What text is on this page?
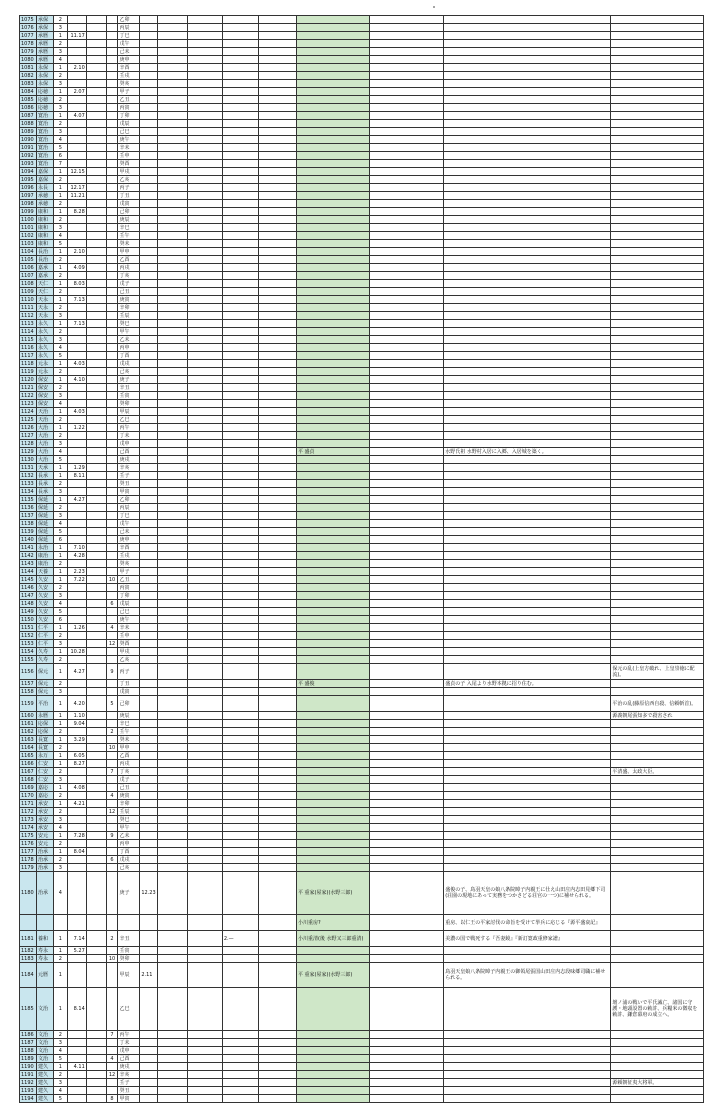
1075	承保	2				乙卯									
1076	承保	3				丙辰									
1077	承暦	1	11.17			丁巳									
1078	承暦	2				戊午									
1079	承暦	3				己未									
1080	承暦	4				庚申									
1081	永保	1	2.10			辛酉									
1082	永保	2				壬戌									
1083	永保	3				癸亥									
1084	応徳	1	2.07			甲子									
1085	応徳	2				乙丑									
1086	応徳	3				丙寅									
1087	寛治	1	4.07			丁卯									
1088	寛治	2				戊辰									
1089	寛治	3				己巳									
1090	寛治	4				庚午									
1091	寛治	5				辛未									
1092	寛治	6				壬申									
1093	寛治	7				癸酉									
1094	嘉保	1	12.15			甲戌									
1095	嘉保	2				乙亥									
1096	永長	1	12.17			丙子									
1097	承徳	1	11.21			丁丑									
1098	承徳	2				戊寅									
1099	康和	1	8.28			己卯									
1100	康和	2				庚辰									
1101	康和	3				辛巳									
1102	康和	4				壬午									
1103	康和	5				癸未									
1104	長治	1	2.10			甲申									
1105	長治	2				乙酉									
1106	嘉承	1	4.09			丙戌									
1107	嘉承	2				丁亥									
1108	天仁	1	8.03			戊子									
1109	天仁	2				己丑									
1110	天永	1	7.13			庚寅									
1111	天永	2				辛卯									
1112	天永	3				壬辰									
1113	永久	1	7.13			癸巳									
1114	永久	2				甲午									
1115	永久	3				乙未									
1116	永久	4				丙申									
1117	永久	5				丁酉									
1118	元永	1	4.03			戊戌									
1119	元永	2				己亥									
1120	保安	1	4.10			庚子									
1121	保安	2				辛丑									
1122	保安	3				壬寅									
1123	保安	4				癸卯									
1124	天治	1	4.03			甲辰									
1125	天治	2				乙巳									
1126	大治	1	1.22			丙午									
1127	大治	2				丁未									
1128	大治	3				戊申									
1129	大治	4				己酉						平 盛貞		水野氏祖 水野村入居に入郷、入居城を築く。	
1130	大治	5				庚戌									
1131	天承	1	1.29			辛亥									
1132	長承	1	8.11			壬子									
1133	長承	2				癸丑									
1134	長承	3				甲寅									
1135	保延	1	4.27			乙卯									
1136	保延	2				丙辰									
1137	保延	3				丁巳									
1138	保延	4				戊午									
1139	保延	5				己未									
1140	保延	6				庚申									
1141	永治	1	7.10			辛酉									
1142	康治	1	4.28			壬戌									
1143	康治	2				癸亥									
1144	天養	1	2.23			甲子									
1145	久安	1	7.22		10	乙丑									
1146	久安	2				丙寅									
1147	久安	3				丁卯									
1148	久安	4			6	戊辰									
1149	久安	5				己巳									
1150	久安	6				庚午									
1151	仁平	1	1.26		4	辛未									
1152	仁平	2				壬申									
1153	仁平	3			12	癸酉									
1154	久寿	1	10.28			甲戌									
1155	久寿	2				乙亥									
1156	保元	1	4.27		9	丙子									保元の乱(上皇方破れ、上皇崇徳に配流)。
1157	保元	2				丁丑						平 盛俊		盛貞の子 入尾より水野本拠に招り住む。	
1158	保元	3				戊寅									
1159	平治	1	4.20		5	己卯									平治の乱(藤原信西自殺、信頼斬首)。
1160	永暦	1	1.10			庚辰									源義朝尾張知多で殺害され
1161	応保	1	9.04			辛巳									
1162	応保	2			2	壬午									
1163	長寛	1	3.29			癸未									
1164	長寛	2			10	甲申									
1165	永万	1	6.05			乙酉									
1166	仁安	1	8.27			丙戌									
1167	仁安	2			7	丁亥									平清盛、太政大臣。
1168	仁安	3				戊子									
1169	嘉応	1	4.08			己丑									
1170	嘉応	2			4	庚寅									
1171	承安	1	4.21			辛卯									
1172	承安	2			12	壬辰									
1173	承安	3				癸巳									
1174	承安	4				甲午									
1175	安元	1	7.28		9	乙未									
1176	安元	2				丙申									
1177	治承	1	8.04			丁酉									
1178	治承	2			6	戊戌									
1179	治承	3				己亥									
1180	治承	4				庚子	12.23					平 重家(屋家)(水野三郎)		盛俊の子、鳥羽天皇の娘八条院暲子内親王に仕え山田庄内志田見郷下司(荘園の現地にあって実務をつかさどる荘官の一つ)に補せられる。	
												小川重房?		重房、以仁王の平家討伐の命旨を受けて挙兵に応じる『源平盛衰記』	
1181	養和	1	7.14		2	辛丑				2.—		小川重清(後 水野又三郎重清)		美濃の国で戦死する『吾妻鏡』『新訂寛政重修家譜』	
1182	寿永	1	5.27			壬寅									
1183	寿永	2			10	癸卯									
1184	元暦	1				甲辰	2.11					平 重家(屋家)(水野三郎)		鳥羽天皇娘八条院暲子内親王の御領尾張国山田庄内志段味郷司職に補せられる。	
1185	文治	1	8.14			乙巳									壇ノ浦の戦いで平氏滅亡、諸国に守護・地頭設置の勅許、兵糧米の徴収を勅許、鎌倉幕府の成立へ。
1186	文治	2			7	丙午									
1187	文治	3				丁未									
1188	文治	4				戊申									
1189	文治	5			4	己酉									
1190	建久	1	4.11			庚戌									
1191	建久	2			12	辛亥									
1192	建久	3				壬子									源頼朝征夷大将軍。
1193	建久	4				癸丑									
1194	建久	5			8	甲寅									
